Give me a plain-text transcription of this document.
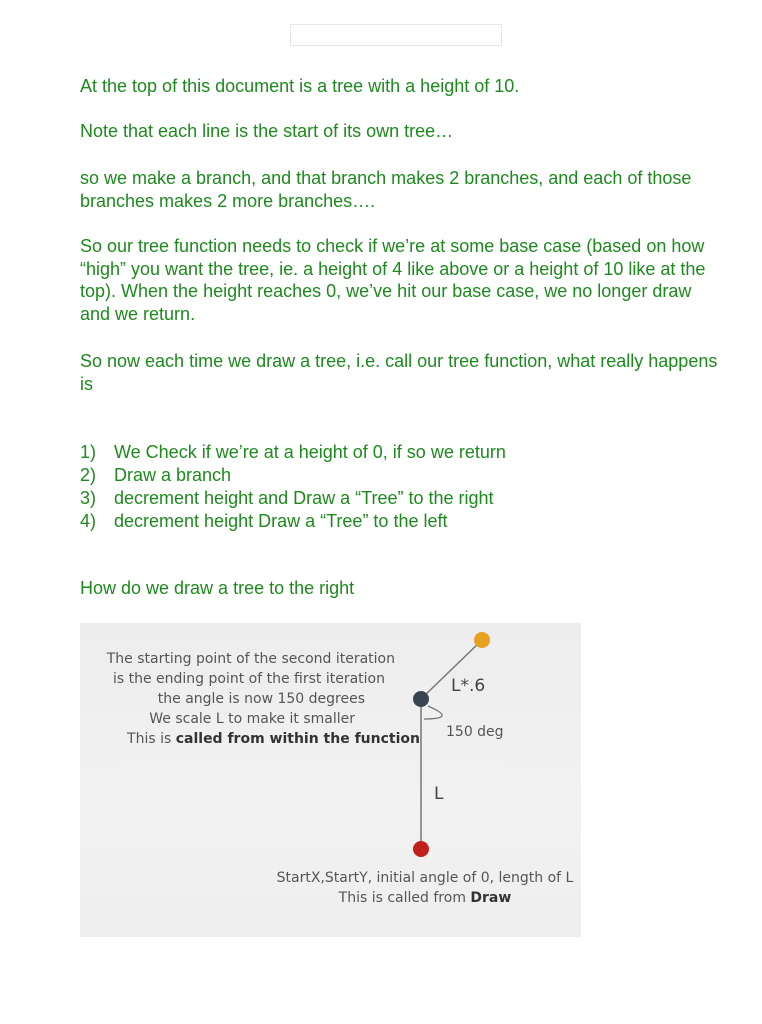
At the top of this document is a tree with a height of 10.

Note that each line is the start of its own tree…

so we make a branch, and that branch makes 2 branches, and each of those branches makes 2 more branches….

So our tree function needs to check if we’re at some base case (based on how “high” you want the tree, ie. a height of 4 like above or a height of 10 like at the top). When the height reaches 0, we’ve hit our base case, we no longer draw and we return.

So now each time we draw a tree, i.e. call our tree function, what really happens is

1) We Check if we’re at a height of 0, if so we return
2) Draw a branch
3) decrement height and Draw a “Tree” to the right
4) decrement height Draw a “Tree” to the left

How do we draw a tree to the right

The starting point of the second iteration
is the ending point of the first iteration
the angle is now 150 degrees
We scale L to make it smaller
This is called from within the function
L*.6
150 deg
L
StartX,StartY, initial angle of 0, length of L
This is called from Draw
